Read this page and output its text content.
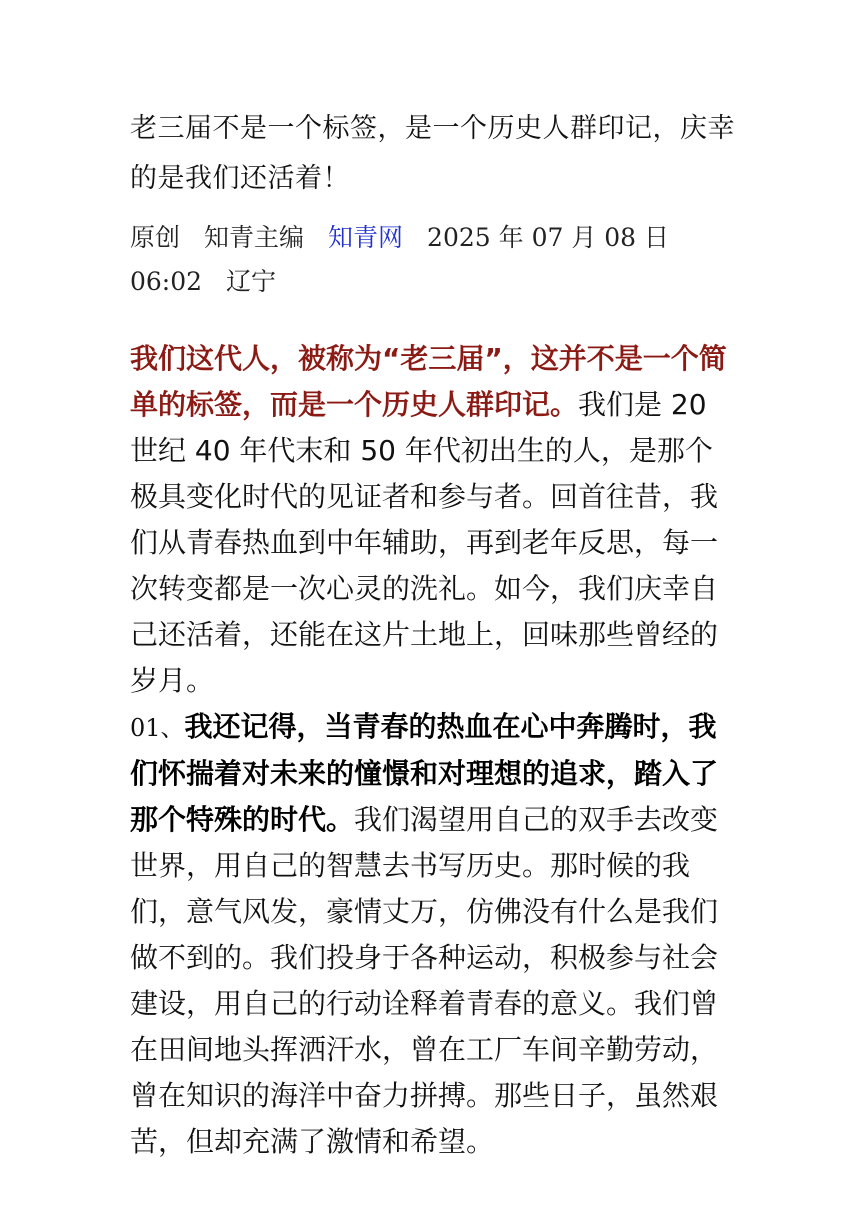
老三届不是一个标签，是一个历史人群印记，庆幸的是我们还活着！
原创 知青主编 知青网 2025 年 07 月 08 日
06:02 辽宁

我们这代人，被称为“老三届”，这并不是一个简单的标签，而是一个历史人群印记。我们是 20 世纪 40 年代末和 50 年代初出生的人，是那个极具变化时代的见证者和参与者。回首往昔，我们从青春热血到中年辅助，再到老年反思，每一次转变都是一次心灵的洗礼。如今，我们庆幸自己还活着，还能在这片土地上，回味那些曾经的岁月。

01、我还记得，当青春的热血在心中奔腾时，我们怀揣着对未来的憧憬和对理想的追求，踏入了那个特殊的时代。我们渴望用自己的双手去改变世界，用自己的智慧去书写历史。那时候的我们，意气风发，豪情丈万，仿佛没有什么是我们做不到的。我们投身于各种运动，积极参与社会建设，用自己的行动诠释着青春的意义。我们曾在田间地头挥洒汗水，曾在工厂车间辛勤劳动，曾在知识的海洋中奋力拼搏。那些日子，虽然艰苦，但却充满了激情和希望。
